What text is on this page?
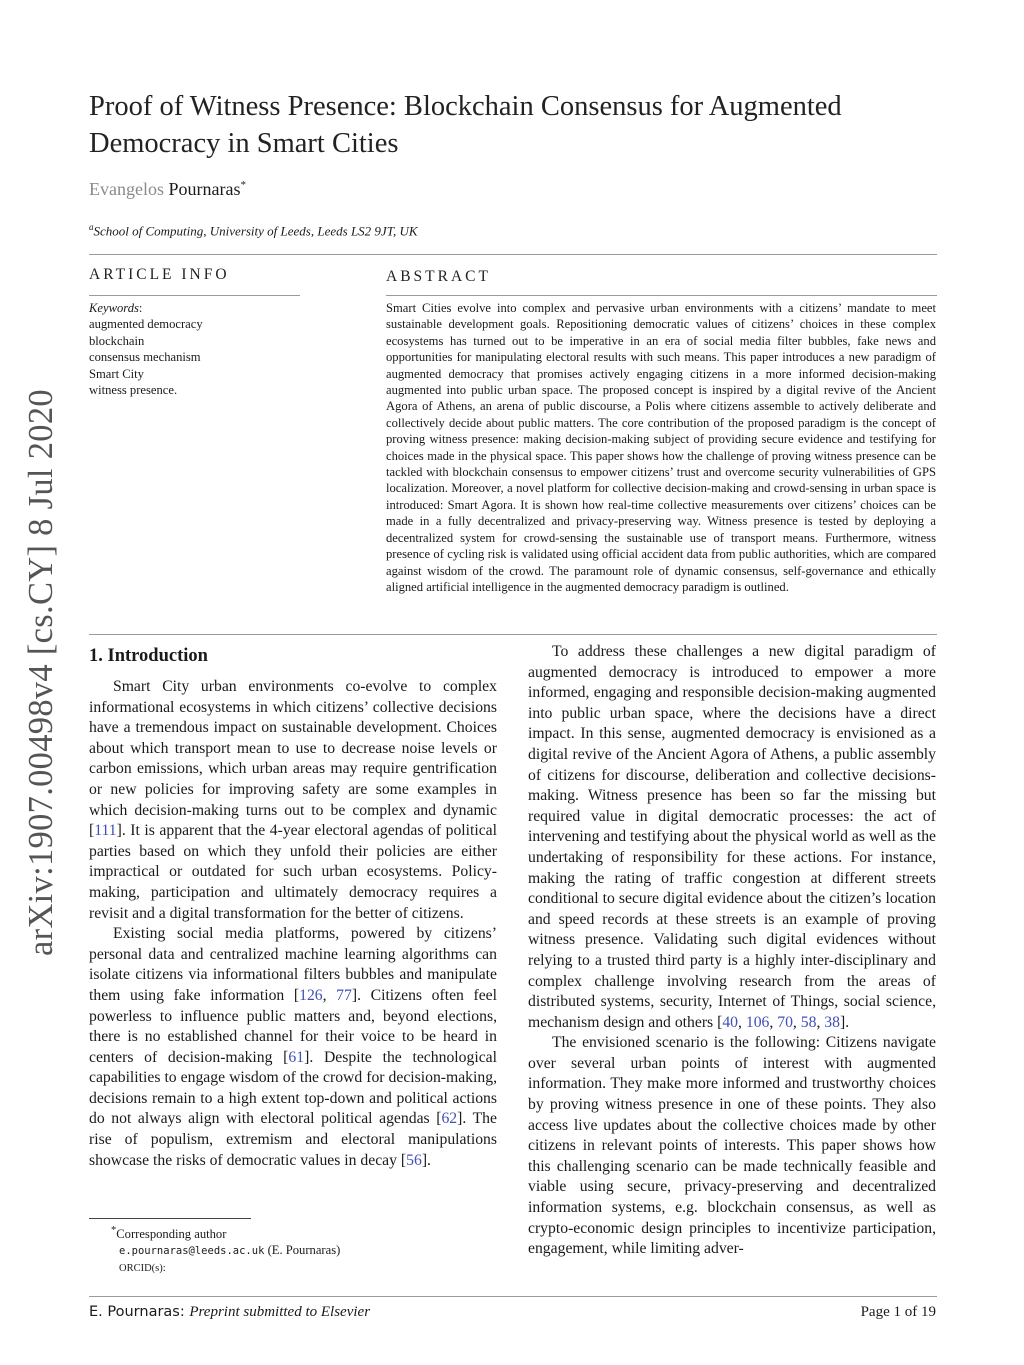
arXiv:1907.00498v4 [cs.CY] 8 Jul 2020
Proof of Witness Presence: Blockchain Consensus for Augmented Democracy in Smart Cities
Evangelos Pournaras*
$^a$School of Computing, University of Leeds, Leeds LS2 9JT, UK
ARTICLE INFO	ABSTRACT
Keywords:
augmented democracy
blockchain
consensus mechanism
Smart City
witness presence.
Smart Cities evolve into complex and pervasive urban environments with a citizens’ mandate to meet sustainable development goals. Repositioning democratic values of citizens’ choices in these complex ecosystems has turned out to be imperative in an era of social media filter bubbles, fake news and opportunities for manipulating electoral results with such means. This paper introduces a new paradigm of augmented democracy that promises actively engaging citizens in a more informed decision-making augmented into public urban space. The proposed concept is inspired by a digital revive of the Ancient Agora of Athens, an arena of public discourse, a Polis where citizens assemble to actively deliberate and collectively decide about public matters. The core contribution of the proposed paradigm is the concept of proving witness presence: making decision-making subject of providing secure evidence and testifying for choices made in the physical space. This paper shows how the challenge of proving witness presence can be tackled with blockchain consensus to empower citizens’ trust and overcome security vulnerabilities of GPS localization. Moreover, a novel platform for collective decision-making and crowd-sensing in urban space is introduced: Smart Agora. It is shown how real-time collective measurements over citizens’ choices can be made in a fully decentralized and privacy-preserving way. Witness presence is tested by deploying a decentralized system for crowd-sensing the sustainable use of transport means. Furthermore, witness presence of cycling risk is validated using official accident data from public authorities, which are compared against wisdom of the crowd. The paramount role of dynamic consensus, self-governance and ethically aligned artificial intelligence in the augmented democracy paradigm is outlined.
1. Introduction

Smart City urban environments co-evolve to complex informational ecosystems in which citizens’ collective decisions have a tremendous impact on sustainable development. Choices about which transport mean to use to decrease noise levels or carbon emissions, which urban areas may require gentrification or new policies for improving safety are some examples in which decision-making turns out to be complex and dynamic [111]. It is apparent that the 4-year electoral agendas of political parties based on which they unfold their policies are either impractical or outdated for such urban ecosystems. Policy-making, participation and ultimately democracy requires a revisit and a digital transformation for the better of citizens.

Existing social media platforms, powered by citizens’ personal data and centralized machine learning algorithms can isolate citizens via informational filters bubbles and manipulate them using fake information [126, 77]. Citizens often feel powerless to influence public matters and, beyond elections, there is no established channel for their voice to be heard in centers of decision-making [61]. Despite the technological capabilities to engage wisdom of the crowd for decision-making, decisions remain to a high extent top-down and political actions do not always align with electoral political agendas [62]. The rise of populism, extremism and electoral manipulations showcase the risks of democratic values in decay [56].

*Corresponding author
e.pournaras@leeds.ac.uk (E. Pournaras)
ORCID(s):

To address these challenges a new digital paradigm of augmented democracy is introduced to empower a more informed, engaging and responsible decision-making augmented into public urban space, where the decisions have a direct impact. In this sense, augmented democracy is envisioned as a digital revive of the Ancient Agora of Athens, a public assembly of citizens for discourse, deliberation and collective decisions-making. Witness presence has been so far the missing but required value in digital democratic processes: the act of intervening and testifying about the physical world as well as the undertaking of responsibility for these actions. For instance, making the rating of traffic congestion at different streets conditional to secure digital evidence about the citizen’s location and speed records at these streets is an example of proving witness presence. Validating such digital evidences without relying to a trusted third party is a highly inter-disciplinary and complex challenge involving research from the areas of distributed systems, security, Internet of Things, social science, mechanism design and others [40, 106, 70, 58, 38].

The envisioned scenario is the following: Citizens navigate over several urban points of interest with augmented information. They make more informed and trustworthy choices by proving witness presence in one of these points. They also access live updates about the collective choices made by other citizens in relevant points of interests. This paper shows how this challenging scenario can be made technically feasible and viable using secure, privacy-preserving and decentralized information systems, e.g. blockchain consensus, as well as crypto-economic design principles to incentivize participation, engagement, while limiting adver-

E. Pournaras: Preprint submitted to Elsevier	Page 1 of 19
